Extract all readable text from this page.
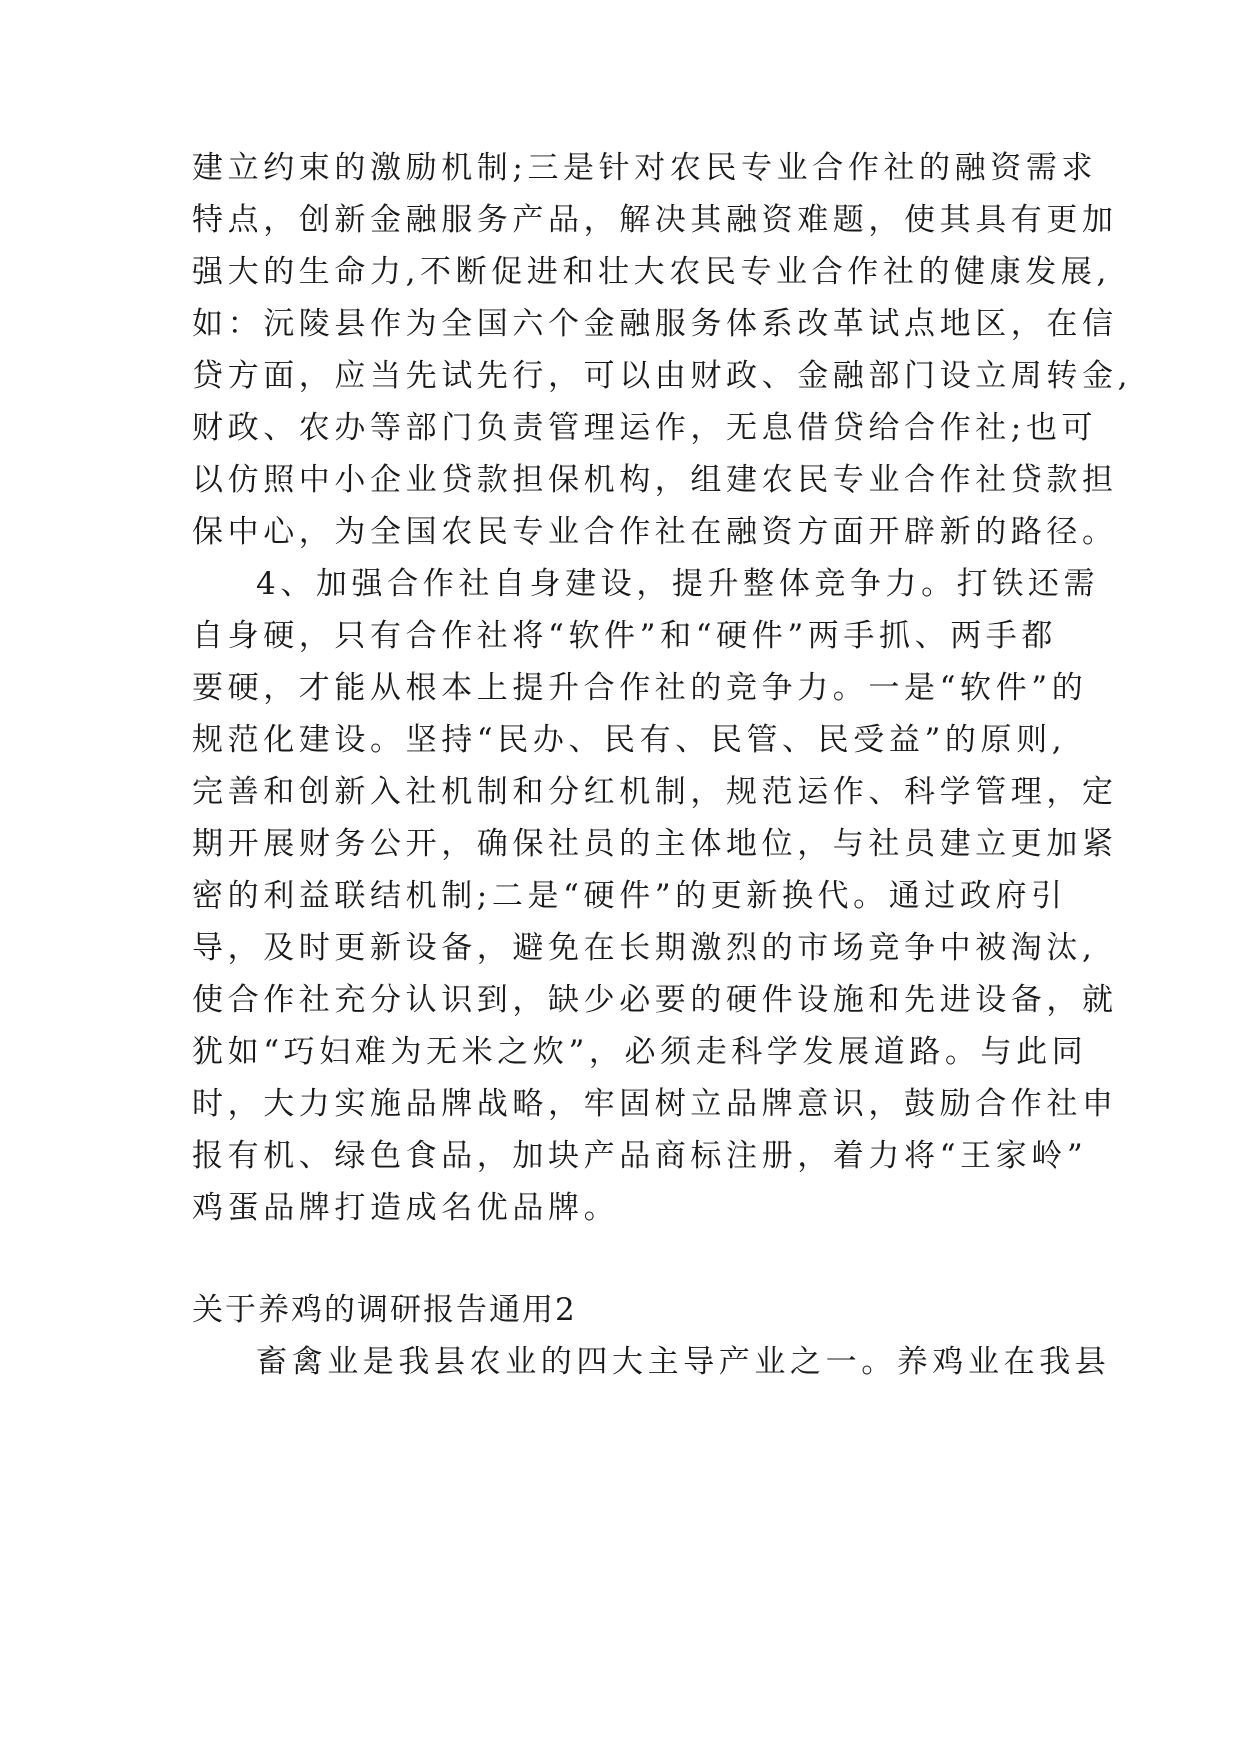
建立约束的激励机制;三是针对农民专业合作社的融资需求
特点，创新金融服务产品，解决其融资难题，使其具有更加
强大的生命力,不断促进和壮大农民专业合作社的健康发展,
如：沅陵县作为全国六个金融服务体系改革试点地区，在信
贷方面，应当先试先行，可以由财政、金融部门设立周转金,
财政、农办等部门负责管理运作，无息借贷给合作社;也可
以仿照中小企业贷款担保机构，组建农民专业合作社贷款担
保中心，为全国农民专业合作社在融资方面开辟新的路径。
4、加强合作社自身建设，提升整体竞争力。打铁还需
自身硬，只有合作社将“软件”和“硬件”两手抓、两手都
要硬，才能从根本上提升合作社的竞争力。一是“软件”的
规范化建设。坚持“民办、民有、民管、民受益”的原则,
完善和创新入社机制和分红机制，规范运作、科学管理，定
期开展财务公开，确保社员的主体地位，与社员建立更加紧
密的利益联结机制;二是“硬件”的更新换代。通过政府引
导，及时更新设备，避免在长期激烈的市场竞争中被淘汰,
使合作社充分认识到，缺少必要的硬件设施和先进设备，就
犹如“巧妇难为无米之炊”，必须走科学发展道路。与此同
时，大力实施品牌战略，牢固树立品牌意识，鼓励合作社申
报有机、绿色食品，加块产品商标注册，着力将“王家岭”
鸡蛋品牌打造成名优品牌。
关于养鸡的调研报告通用2
畜禽业是我县农业的四大主导产业之一。养鸡业在我县
